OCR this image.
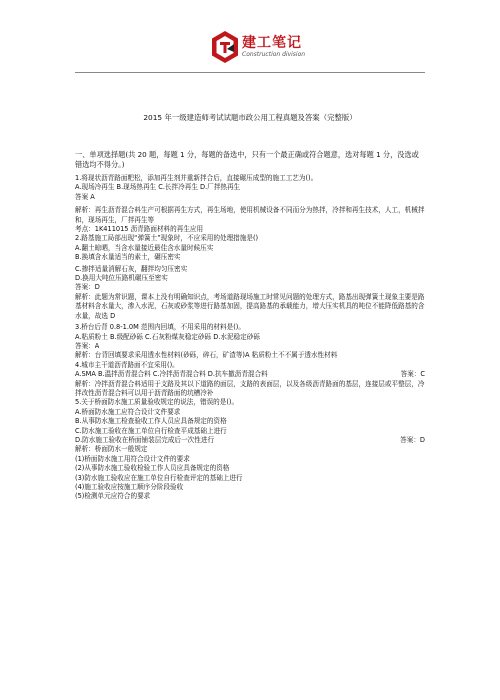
建工笔记
Construction division
2015 年一级建造师考试试题市政公用工程真题及答案（完整版）

一、单项选择题(共 20 题，每题 1 分，每题的备选中，只有一个最正确或符合题意，选对每题 1 分，没选或错选均不得分。)

1.将现状沥青路面粑松，添加再生剂并重新拌合后，直接碾压成型的施工工艺为()。

A.现场冷再生 B.现场热再生 C.长拌冷再生 D.厂拌热再生

答案 A

解析：再生沥青混合料生产可根据再生方式，再生场地，使用机械设备不同而分为热拌，冷拌和再生技术，人工，机械拌和，现场再生，厂拌再生等

考点：1K411015 沥青路面材料的再生应用

2.路基施工局部出现“弹簧土”现象时，不应采用的处理措施是()

A.翻土晾晒，当含水量接近最佳含水量时候压实

B.换填含水量适当的素土，碾压密实

C.掺拌适量消解石灰，翻拌均匀压密实

D.换用大吨位压路机碾压至密实

答案：D

解析：此题为常识题，课本上没有明确知识点，考场道路现场施工时常见问题的处理方式，路基出现弹簧土现象主要是路基材料含水量大，渗入水泥，石灰或砂浆等进行路基加固，提高路基的承载能力，增大压实机具的吨位不能降低路基的含水量，故选 D

3.桥台后背 0.8-1.0M 范围内回填，不用采用的材料是()。

A.粘质粉土 B.级配砂砾 C.石灰粉煤灰稳定砂砾 D.水泥稳定砂砾

答案：A

解析：台背回填要求采用透水性材料(砂砾，碎石，矿渣等)A 粘质粉土不不属于透水性材料

4.城市主干道沥青路面不宜采用()。

答案：C
A.SMA B.温拌沥青混合料 C.冷拌沥青混合料 D.抗车撤沥青混合料

解析：冷拌沥青混合料适用于支路及其以下道路的面层，支路的表面层，以及各级沥青路面的基层，连接层或平整层，冷拌改性沥青混合料可以用于沥青路面的坑槽冷补

5.关于桥面防水施工质量验收规定的说法，错误的是()。

A.桥面防水施工应符合设计文件要求

B.从事防水施工检查验收工作人员应具备规定的资格

C.防水施工验收在施工单位自行检查平成基础上进行

答案：D
D.防水施工验收在桥面铺装层完成后一次性进行

解析：桥面防水一般规定

(1)桥面防水施工用符合设计文件的要求

(2)从事防水施工验收检验工作人员应具备规定的资格

(3)防水施工验收应在施工单位自行检查评定的基础上进行

(4)施工验收应按施工顺序分阶段验收

(5)检测单元应符合的要求
